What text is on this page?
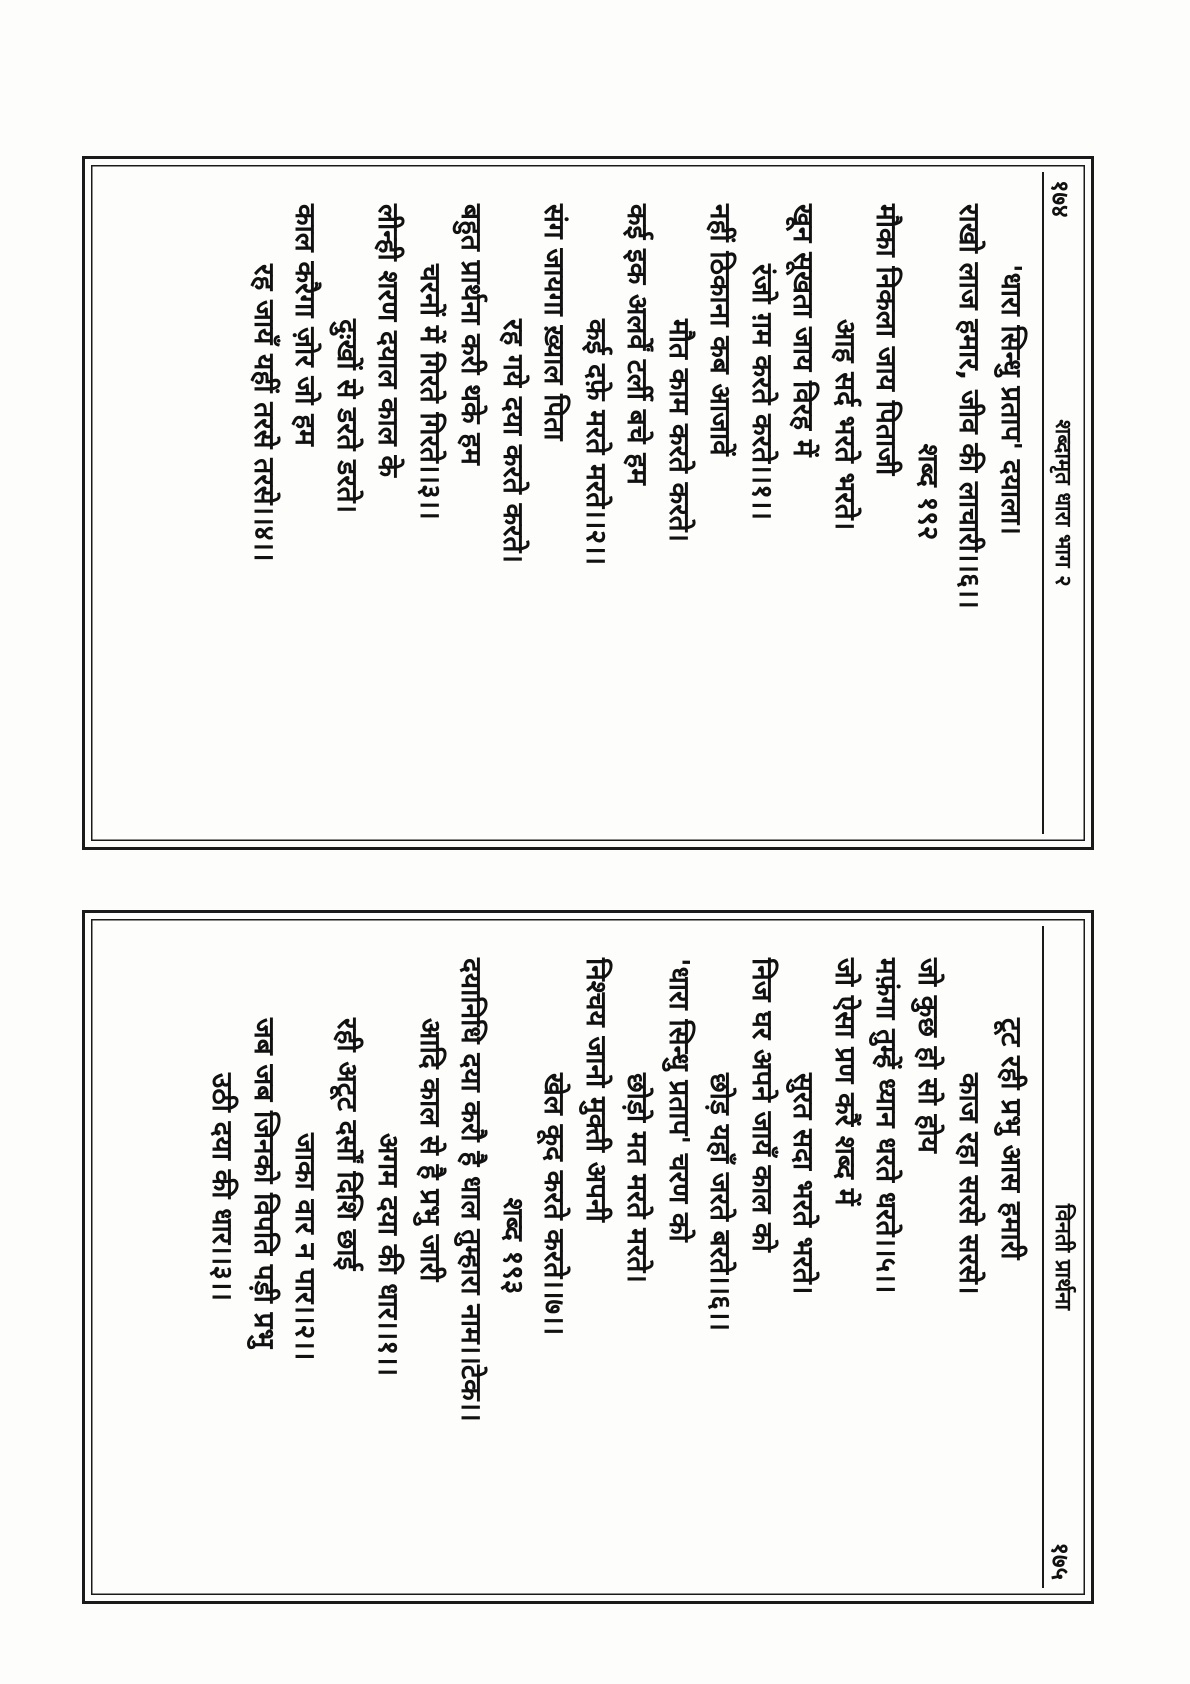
१७४
शब्दामृत धारा भाग २
'धारा सिन्धु प्रताप' दयाला।
राखो लाज हमार, जीव की लाचारी।।६।।
शब्द १९२
मौका निकला जाय पिताजी
आह सर्द भरते भरते।
खून सूखता जाय विरह में
रंजो ग़म करते करते।।१।।
नहीं ठिकाना कब आजावें
मौत काम करते करते।
कई इक अलर्वें टर्ली बचे हम
कई दफ़े मरते मरते।।२।।
संग जायगा ख़्याल पिता
रह गये दया करते करते।
बहुत प्रार्थना करी थके हम
चरनों में गिरते गिरते।।३।।
लीन्ही शरण दयाल काल के
दुःखों से डरते डरते।
काल करैगा ज़ोर जो हम
रह जायँ यहीं तरसे तरसे।।४।।
विनती प्रार्थना
१७५
टूट रही प्रभु आस हमारी
काज रहा सरसे सरसे।
जो कुछ हो सो होय
मफ़ंगा तुम्हें ध्यान धरते धरते।।५।।
जो ऐसा प्रण करैं शब्द में
सुरत सदा भरते भरते।
निज घर अपने जायँ काल को
छोड़ यहाँ जरते बरते।।६।।
'धारा सिन्धु प्रताप' चरण को
छोड़ो मत मरते मरते।
निश्चय जानो मुक्ती अपनी
खेल कूद करते करते।।७।।
शब्द १९३
दयानिधि दया करौ है धाल तुम्हारा नाम।।टेक।।
आदि काल से है प्रभु जारी
अगम दया की धार।।१।।
रही अटूट दर्सों दिशि छाई
जाका वार न पार।।२।।
जब जब जिनको विपति पड़ी प्रभु
उठी दया की धार।।३।।
